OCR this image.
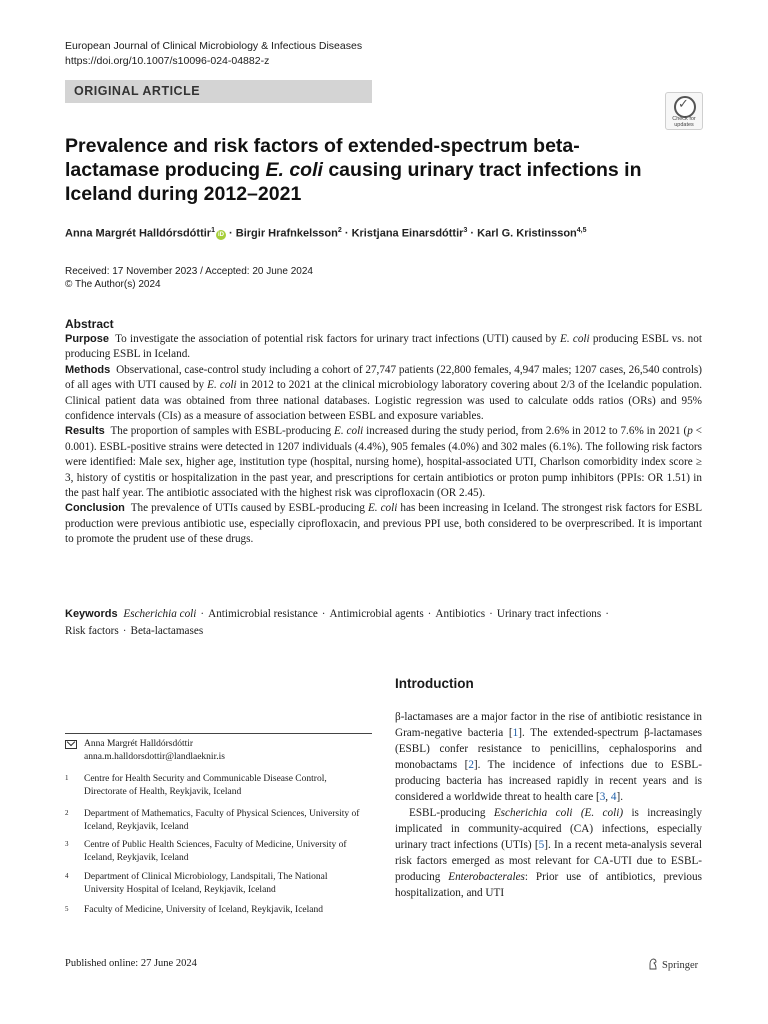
European Journal of Clinical Microbiology & Infectious Diseases
https://doi.org/10.1007/s10096-024-04882-z
ORIGINAL ARTICLE
✓
Check for updates
Prevalence and risk factors of extended-spectrum beta-lactamase producing E. coli causing urinary tract infections in Iceland during 2012–2021
Anna Margrét Halldórsdóttir$^1$iD · Birgir Hrafnkelsson$^2$ · Kristjana Einarsdóttir$^3$ · Karl G. Kristinsson$^{4,5}$
Received: 17 November 2023 / Accepted: 20 June 2024
© The Author(s) 2024
Abstract

Purpose To investigate the association of potential risk factors for urinary tract infections (UTI) caused by E. coli producing ESBL vs. not producing ESBL in Iceland.

Methods Observational, case-control study including a cohort of 27,747 patients (22,800 females, 4,947 males; 1207 cases, 26,540 controls) of all ages with UTI caused by E. coli in 2012 to 2021 at the clinical microbiology laboratory covering about 2/3 of the Icelandic population. Clinical patient data was obtained from three national databases. Logistic regression was used to calculate odds ratios (ORs) and 95% confidence intervals (CIs) as a measure of association between ESBL and exposure variables.

Results The proportion of samples with ESBL-producing E. coli increased during the study period, from 2.6% in 2012 to 7.6% in 2021 (p < 0.001). ESBL-positive strains were detected in 1207 individuals (4.4%), 905 females (4.0%) and 302 males (6.1%). The following risk factors were identified: Male sex, higher age, institution type (hospital, nursing home), hospital-associated UTI, Charlson comorbidity index score ≥ 3, history of cystitis or hospitalization in the past year, and prescriptions for certain antibiotics or proton pump inhibitors (PPIs: OR 1.51) in the past half year. The antibiotic associated with the highest risk was ciprofloxacin (OR 2.45).

Conclusion The prevalence of UTIs caused by ESBL-producing E. coli has been increasing in Iceland. The strongest risk factors for ESBL production were previous antibiotic use, especially ciprofloxacin, and previous PPI use, both considered to be overprescribed. It is important to promote the prudent use of these drugs.

Keywords Escherichia coli · Antimicrobial resistance · Antimicrobial agents · Antibiotics · Urinary tract infections ·
Risk factors · Beta-lactamases
Introduction

β-lactamases are a major factor in the rise of antibiotic resistance in Gram-negative bacteria [1]. The extended-spectrum β-lactamases (ESBL) confer resistance to penicillins, cephalosporins and monobactams [2]. The incidence of infections due to ESBL-producing bacteria has increased rapidly in recent years and is considered a worldwide threat to health care [3, 4].

ESBL-producing Escherichia coli (E. coli) is increasingly implicated in community-acquired (CA) infections, especially urinary tract infections (UTIs) [5]. In a recent meta-analysis several risk factors emerged as most relevant for CA-UTI due to ESBL-producing Enterobacterales: Prior use of antibiotics, previous hospitalization, and UTI

Anna Margrét Halldórsdóttir
anna.m.halldorsdottir@landlaeknir.is
1 Centre for Health Security and Communicable Disease Control, Directorate of Health, Reykjavik, Iceland
2 Department of Mathematics, Faculty of Physical Sciences, University of Iceland, Reykjavik, Iceland
3 Centre of Public Health Sciences, Faculty of Medicine, University of Iceland, Reykjavik, Iceland
4 Department of Clinical Microbiology, Landspitali, The National University Hospital of Iceland, Reykjavik, Iceland
5 Faculty of Medicine, University of Iceland, Reykjavik, Iceland
Published online: 27 June 2024	Springer
